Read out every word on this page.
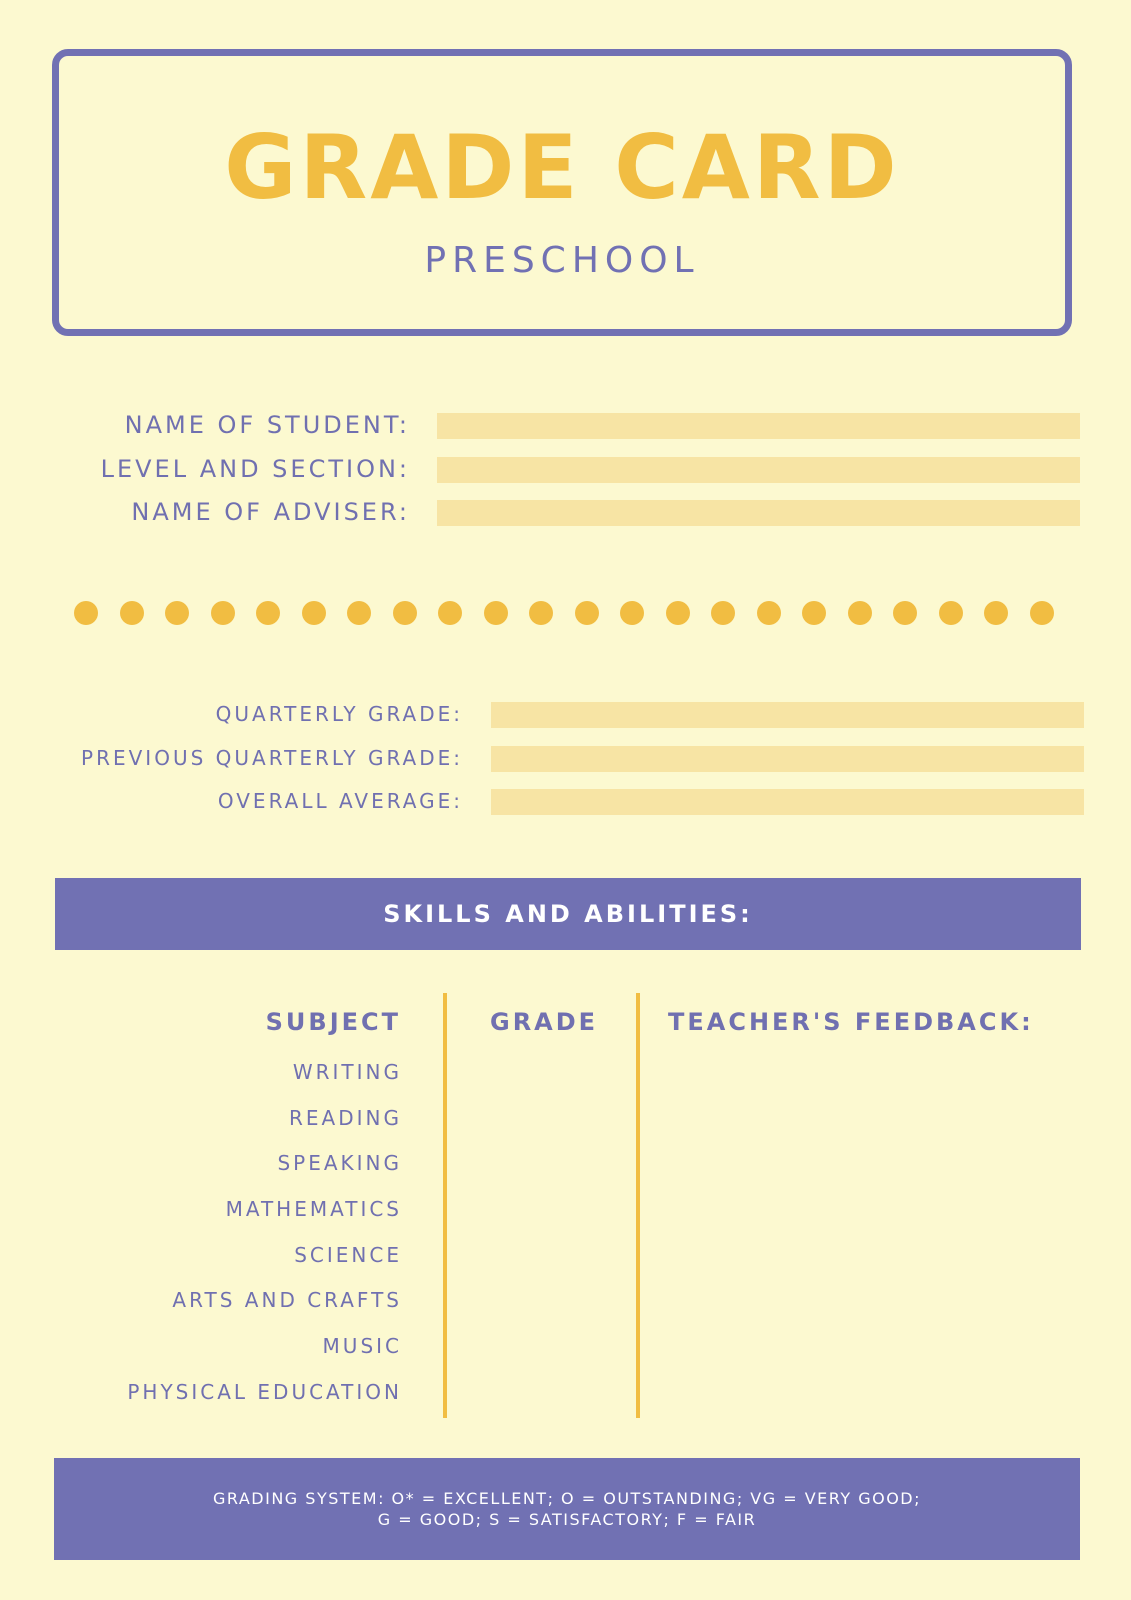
GRADE CARD
PRESCHOOL
NAME OF STUDENT:
LEVEL AND SECTION:
NAME OF ADVISER:
QUARTERLY GRADE:
PREVIOUS QUARTERLY GRADE:
OVERALL AVERAGE:
SKILLS AND ABILITIES:
SUBJECT	GRADE	TEACHER'S FEEDBACK:
WRITING
READING
SPEAKING
MATHEMATICS
SCIENCE
ARTS AND CRAFTS
MUSIC
PHYSICAL EDUCATION
GRADING SYSTEM: O* = EXCELLENT; O = OUTSTANDING; VG = VERY GOOD;
G = GOOD; S = SATISFACTORY; F = FAIR
